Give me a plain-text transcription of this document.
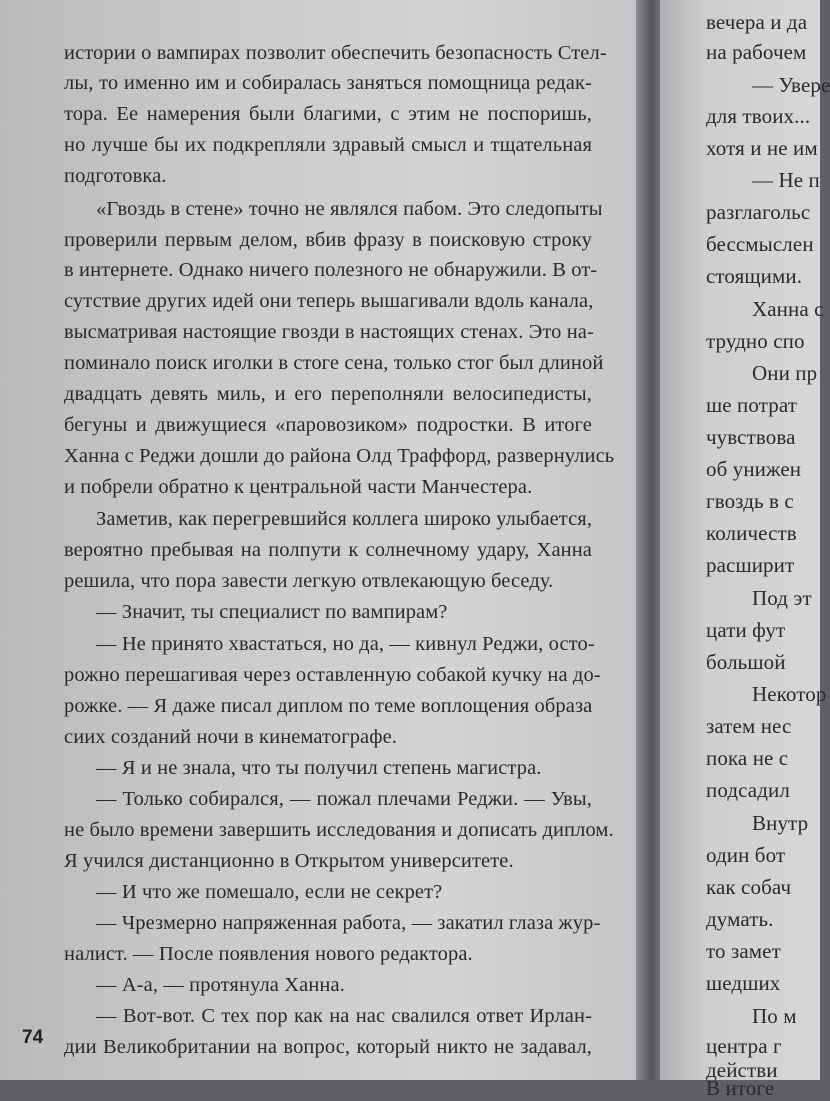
истории о вампирах позволит обеспечить безопасность Стел-
лы, то именно им и собиралась заняться помощница редак-
тора. Ее намерения были благими, с этим не поспоришь,
но лучше бы их подкрепляли здравый смысл и тщательная
подготовка.
«Гвоздь в стене» точно не являлся пабом. Это следопыты
проверили первым делом, вбив фразу в поисковую строку
в интернете. Однако ничего полезного не обнаружили. В от-
сутствие других идей они теперь вышагивали вдоль канала,
высматривая настоящие гвозди в настоящих стенах. Это на-
поминало поиск иголки в стоге сена, только стог был длиной
двадцать девять миль, и его переполняли велосипедисты,
бегуны и движущиеся «паровозиком» подростки. В итоге
Ханна с Реджи дошли до района Олд Траффорд, развернулись
и побрели обратно к центральной части Манчестера.
Заметив, как перегревшийся коллега широко улыбается,
вероятно пребывая на полпути к солнечному удару, Ханна
решила, что пора завести легкую отвлекающую беседу.
— Значит, ты специалист по вампирам?
— Не принято хвастаться, но да, — кивнул Реджи, осто-
рожно перешагивая через оставленную собакой кучку на до-
рожке. — Я даже писал диплом по теме воплощения образа
сиих созданий ночи в кинематографе.
— Я и не знала, что ты получил степень магистра.
— Только собирался, — пожал плечами Реджи. — Увы,
не было времени завершить исследования и дописать диплом.
Я учился дистанционно в Открытом университете.
— И что же помешало, если не секрет?
— Чрезмерно напряженная работа, — закатил глаза жур-
налист. — После появления нового редактора.
— А-а, — протянула Ханна.
— Вот-вот. С тех пор как на нас свалился ответ Ирлан-
дии Великобритании на вопрос, который никто не задавал,
74
вечера и да
на рабочем
— Увере
для твоих...
хотя и не им
— Не п
разглагольс
бессмыслен
стоящими.
Ханна с
трудно спо
Они пр
ше потрат
чувствова
об унижен
гвоздь в с
количеств
расширит
Под эт
цати фут
большой
Некотор
затем нес
пока не с
подсадил
Внутр
один бот
как собач
думать.
то замет
шедших
По м
центра г
действи
В итоге
